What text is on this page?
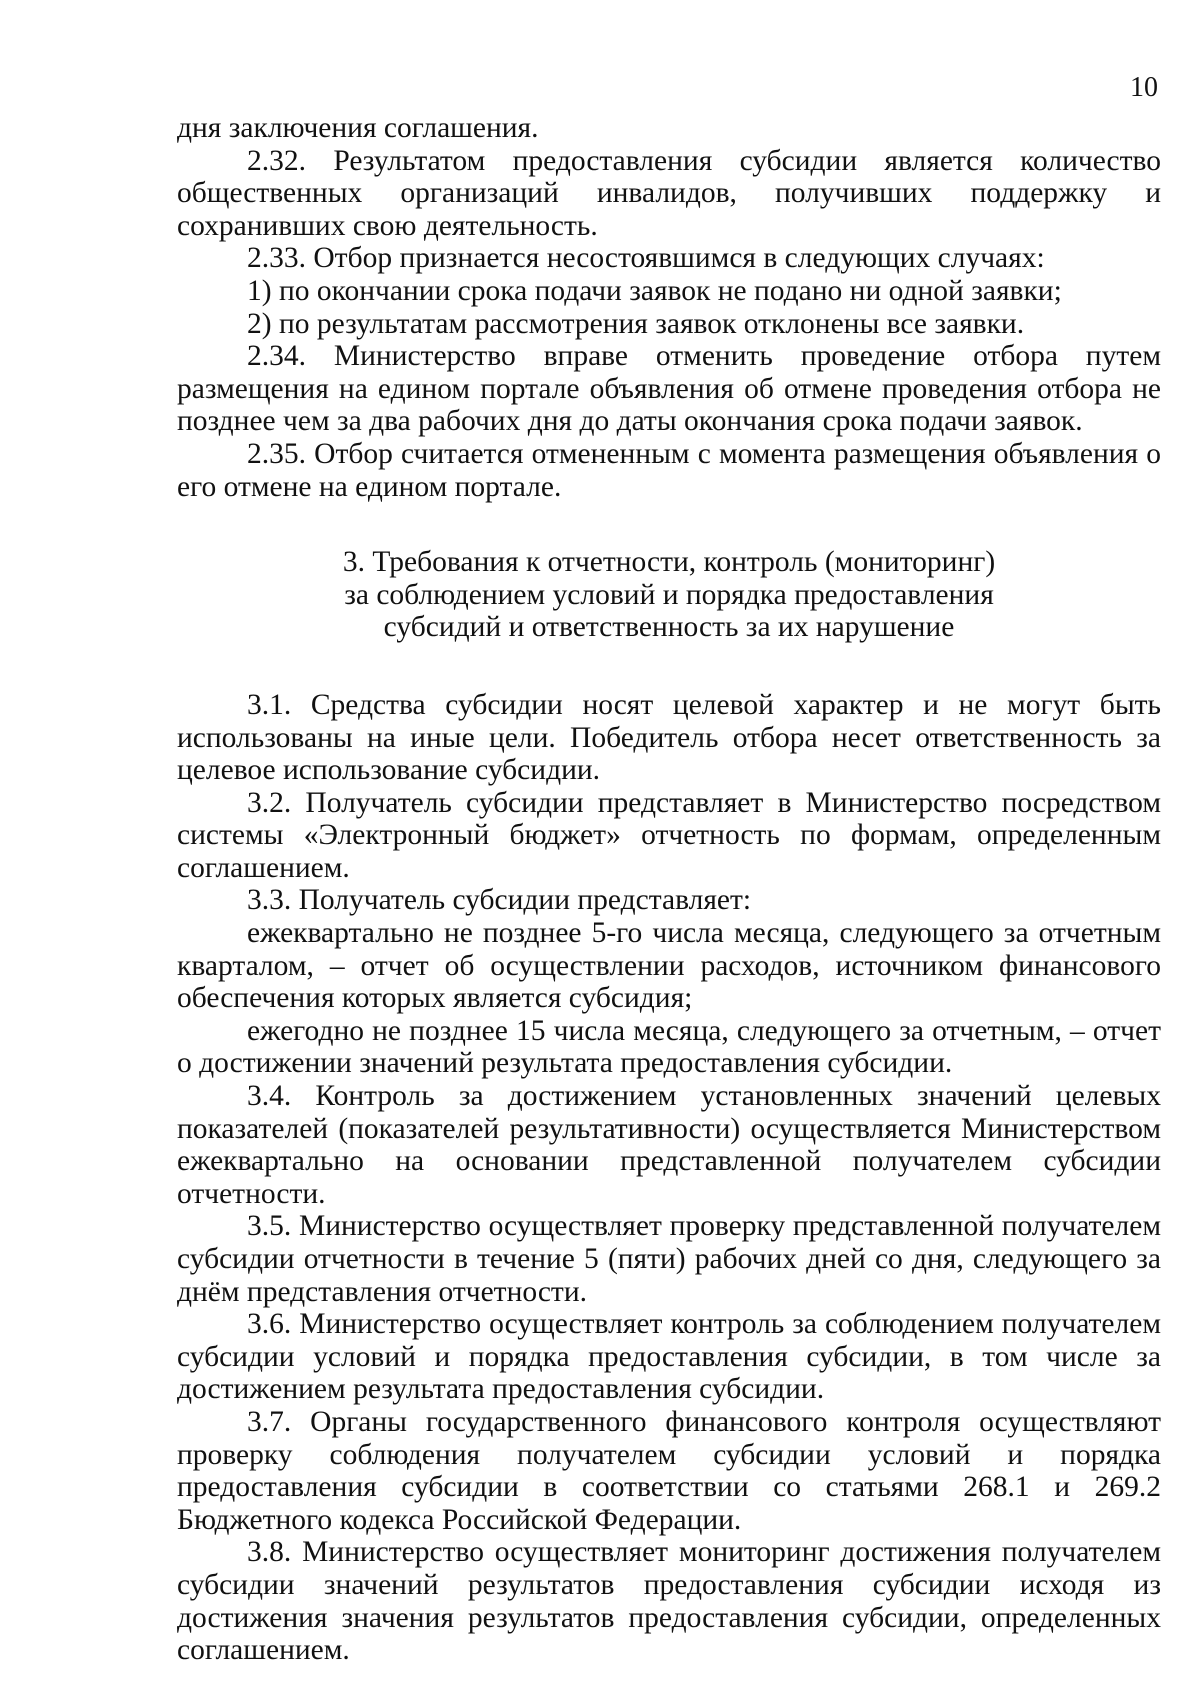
10

дня заключения соглашения.

2.32. Результатом предоставления субсидии является количество общественных организаций инвалидов, получивших поддержку и сохранивших свою деятельность.

2.33. Отбор признается несостоявшимся в следующих случаях:

1) по окончании срока подачи заявок не подано ни одной заявки;

2) по результатам рассмотрения заявок отклонены все заявки.

2.34. Министерство вправе отменить проведение отбора путем размещения на едином портале объявления об отмене проведения отбора не позднее чем за два рабочих дня до даты окончания срока подачи заявок.

2.35. Отбор считается отмененным с момента размещения объявления о его отмене на едином портале.

3. Требования к отчетности, контроль (мониторинг)
за соблюдением условий и порядка предоставления
субсидий и ответственность за их нарушение

3.1. Средства субсидии носят целевой характер и не могут быть использованы на иные цели. Победитель отбора несет ответственность за целевое использование субсидии.

3.2. Получатель субсидии представляет в Министерство посредством системы «Электронный бюджет» отчетность по формам, определенным соглашением.

3.3. Получатель субсидии представляет:

ежеквартально не позднее 5-го числа месяца, следующего за отчетным кварталом, – отчет об осуществлении расходов, источником финансового обеспечения которых является субсидия;

ежегодно не позднее 15 числа месяца, следующего за отчетным, – отчет о достижении значений результата предоставления субсидии.

3.4. Контроль за достижением установленных значений целевых показателей (показателей результативности) осуществляется Министерством ежеквартально на основании представленной получателем субсидии отчетности.

3.5. Министерство осуществляет проверку представленной получателем субсидии отчетности в течение 5 (пяти) рабочих дней со дня, следующего за днём представления отчетности.

3.6. Министерство осуществляет контроль за соблюдением получателем субсидии условий и порядка предоставления субсидии, в том числе за достижением результата предоставления субсидии.

3.7. Органы государственного финансового контроля осуществляют проверку соблюдения получателем субсидии условий и порядка предоставления субсидии в соответствии со статьями 268.1 и 269.2 Бюджетного кодекса Российской Федерации.

3.8. Министерство осуществляет мониторинг достижения получателем субсидии значений результатов предоставления субсидии исходя из достижения значения результатов предоставления субсидии, определенных соглашением.
